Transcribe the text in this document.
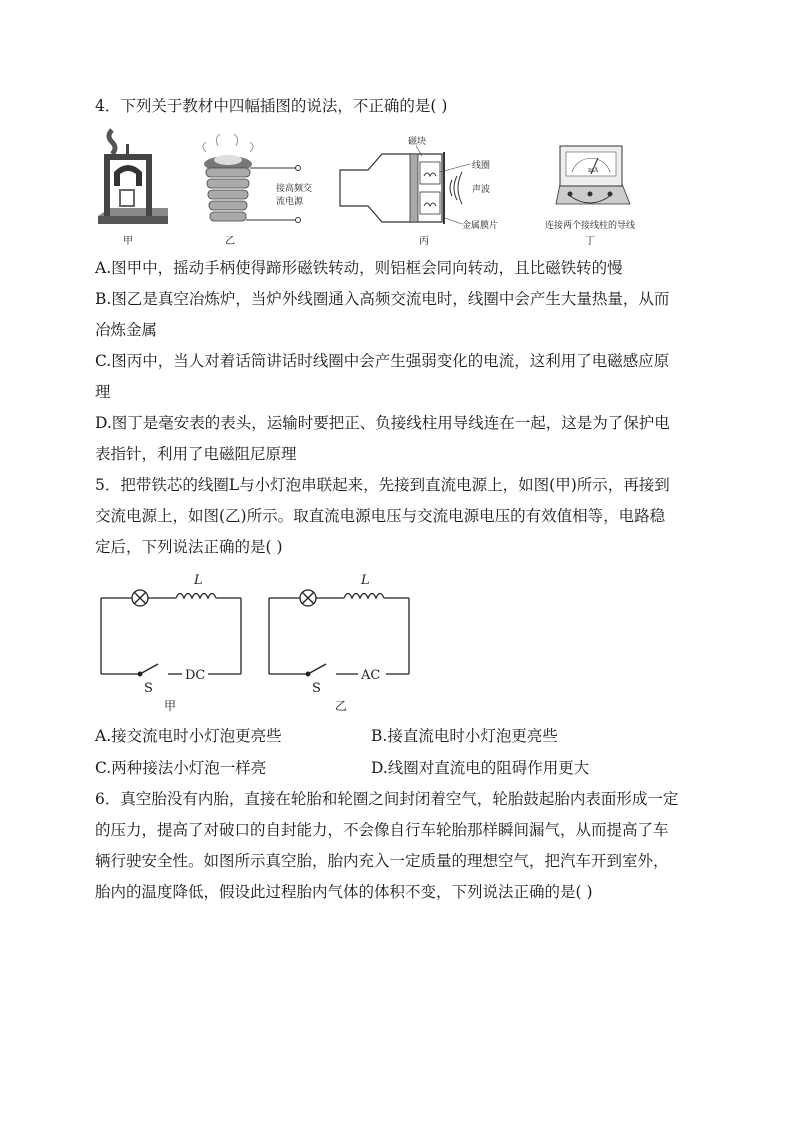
4．下列关于教材中四幅插图的说法，不正确的是( )
甲
接高频交
流电源
乙
磁块
线圈
声波
金属膜片
丙
mA
连接两个接线柱的导线
丁
A.图甲中，摇动手柄使得蹄形磁铁转动，则铝框会同向转动，且比磁铁转的慢
B.图乙是真空冶炼炉，当炉外线圈通入高频交流电时，线圈中会产生大量热量，从而
冶炼金属
C.图丙中，当人对着话筒讲话时线圈中会产生强弱变化的电流，这利用了电磁感应原
理
D.图丁是毫安表的表头，运输时要把正、负接线柱用导线连在一起，这是为了保护电
表指针，利用了电磁阻尼原理
5．把带铁芯的线圈L与小灯泡串联起来，先接到直流电源上，如图(甲)所示，再接到
交流电源上，如图(乙)所示。取直流电源电压与交流电源电压的有效值相等，电路稳
定后，下列说法正确的是( )
L
DC
S
甲
L
AC
S
乙
A.接交流电时小灯泡更亮些	B.接直流电时小灯泡更亮些
C.两种接法小灯泡一样亮	D.线圈对直流电的阻碍作用更大
6．真空胎没有内胎，直接在轮胎和轮圈之间封闭着空气，轮胎鼓起胎内表面形成一定
的压力，提高了对破口的自封能力，不会像自行车轮胎那样瞬间漏气，从而提高了车
辆行驶安全性。如图所示真空胎，胎内充入一定质量的理想空气，把汽车开到室外，
胎内的温度降低，假设此过程胎内气体的体积不变，下列说法正确的是( )
